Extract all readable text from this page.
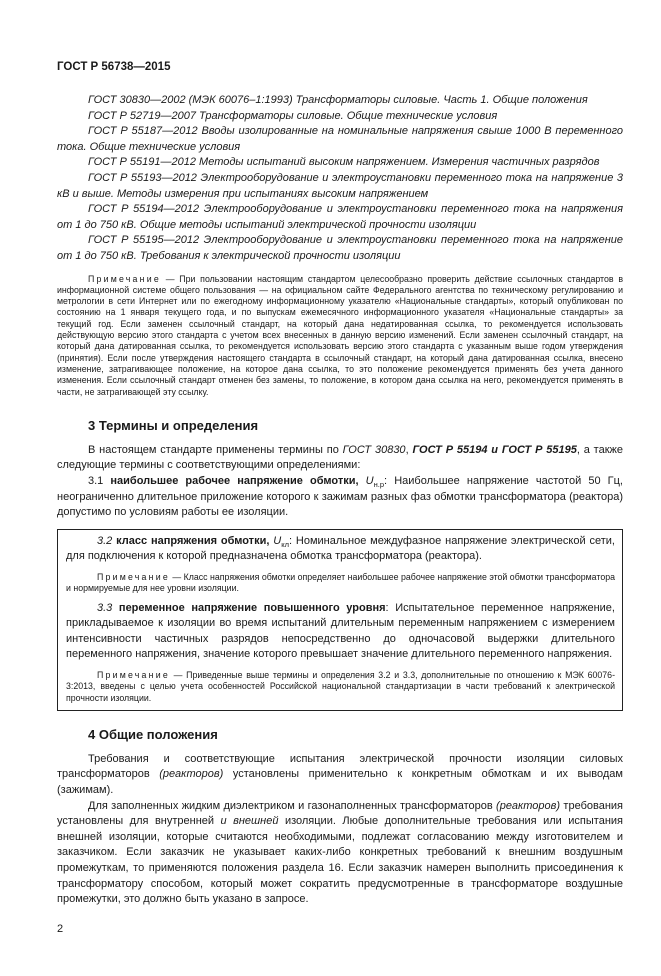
ГОСТ Р 56738—2015

ГОСТ 30830—2002 (МЭК 60076–1:1993) Трансформаторы силовые. Часть 1. Общие положения

ГОСТ Р 52719—2007 Трансформаторы силовые. Общие технические условия

ГОСТ Р 55187—2012 Вводы изолированные на номинальные напряжения свыше 1000 В переменного тока. Общие технические условия

ГОСТ Р 55191—2012 Методы испытаний высоким напряжением. Измерения частичных разрядов

ГОСТ Р 55193—2012 Электрооборудование и электроустановки переменного тока на напряжение 3 кВ и выше. Методы измерения при испытаниях высоким напряжением

ГОСТ Р 55194—2012 Электрооборудование и электроустановки переменного тока на напряжения от 1 до 750 кВ. Общие методы испытаний электрической прочности изоляции

ГОСТ Р 55195—2012 Электрооборудование и электроустановки переменного тока на напряжение от 1 до 750 кВ. Требования к электрической прочности изоляции

Примечание — При пользовании настоящим стандартом целесообразно проверить действие ссылочных стандартов в информационной системе общего пользования — на официальном сайте Федерального агентства по техническому регулированию и метрологии в сети Интернет или по ежегодному информационному указателю «Национальные стандарты», который опубликован по состоянию на 1 января текущего года, и по выпускам ежемесячного информационного указателя «Национальные стандарты» за текущий год. Если заменен ссылочный стандарт, на который дана недатированная ссылка, то рекомендуется использовать действующую версию этого стандарта с учетом всех внесенных в данную версию изменений. Если заменен ссылочный стандарт, на который дана датированная ссылка, то рекомендуется использовать версию этого стандарта с указанным выше годом утверждения (принятия). Если после утверждения настоящего стандарта в ссылочный стандарт, на который дана датированная ссылка, внесено изменение, затрагивающее положение, на которое дана ссылка, то это положение рекомендуется применять без учета данного изменения. Если ссылочный стандарт отменен без замены, то положение, в котором дана ссылка на него, рекомендуется применять в части, не затрагивающей эту ссылку.

3 Термины и определения

В настоящем стандарте применены термины по ГОСТ 30830, ГОСТ Р 55194 и ГОСТ Р 55195, а также следующие термины с соответствующими определениями:

3.1 наибольшее рабочее напряжение обмотки, $U_{н.р}$: Наибольшее напряжение частотой 50 Гц, неограниченно длительное приложение которого к зажимам разных фаз обмотки трансформатора (реактора) допустимо по условиям работы ее изоляции.

3.2 класс напряжения обмотки, $U_{кл}$: Номинальное междуфазное напряжение электрической сети, для подключения к которой предназначена обмотка трансформатора (реактора).

Примечание — Класс напряжения обмотки определяет наибольшее рабочее напряжение этой обмотки трансформатора и нормируемые для нее уровни изоляции.

3.3 переменное напряжение повышенного уровня: Испытательное переменное напряжение, прикладываемое к изоляции во время испытаний длительным переменным напряжением с измерением интенсивности частичных разрядов непосредственно до одночасовой выдержки длительного переменного напряжения, значение которого превышает значение длительного переменного напряжения.

Примечание — Приведенные выше термины и определения 3.2 и 3.3, дополнительные по отношению к МЭК 60076-3:2013, введены с целью учета особенностей Российской национальной стандартизации в части требований к электрической прочности изоляции.

4 Общие положения

Требования и соответствующие испытания электрической прочности изоляции силовых трансформаторов (реакторов) установлены применительно к конкретным обмоткам и их выводам (зажимам).

Для заполненных жидким диэлектриком и газонаполненных трансформаторов (реакторов) требования установлены для внутренней и внешней изоляции. Любые дополнительные требования или испытания внешней изоляции, которые считаются необходимыми, подлежат согласованию между изготовителем и заказчиком. Если заказчик не указывает каких-либо конкретных требований к внешним воздушным промежуткам, то применяются положения раздела 16. Если заказчик намерен выполнить присоединения к трансформатору способом, который может сократить предусмотренные в трансформаторе воздушные промежутки, это должно быть указано в запросе.

2
